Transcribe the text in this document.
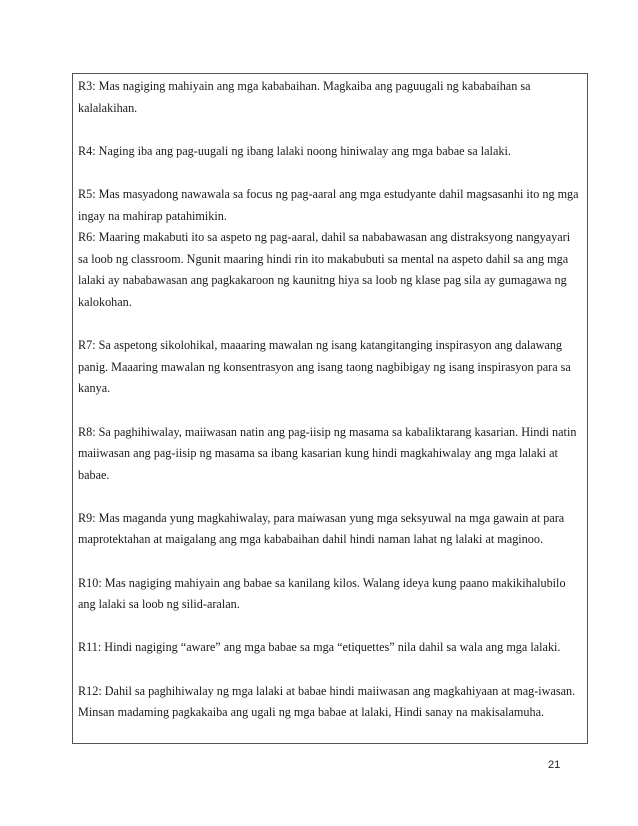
R3: Mas nagiging mahiyain ang mga kababaihan. Magkaiba ang paguugali ng kababaihan sa kalalakihan.

R4: Naging iba ang pag-uugali ng ibang lalaki noong hiniwalay ang mga babae sa lalaki.

R5: Mas masyadong nawawala sa focus ng pag-aaral ang mga estudyante dahil magsasanhi ito ng mga ingay na mahirap patahimikin.

R6: Maaring makabuti ito sa aspeto ng pag-aaral, dahil sa nababawasan ang distraksyong nangyayari sa loob ng classroom. Ngunit maaring hindi rin ito makabubuti sa mental na aspeto dahil sa ang mga lalaki ay nababawasan ang pagkakaroon ng kaunitng hiya sa loob ng klase pag sila ay gumagawa ng kalokohan.

R7: Sa aspetong sikolohikal, maaaring mawalan ng isang katangitanging inspirasyon ang dalawang panig. Maaaring mawalan ng konsentrasyon ang isang taong nagbibigay ng isang inspirasyon para sa kanya.

R8: Sa paghihiwalay, maiiwasan natin ang pag-iisip ng masama sa kabaliktarang kasarian. Hindi natin maiiwasan ang pag-iisip ng masama sa ibang kasarian kung hindi magkahiwalay ang mga lalaki at babae.

R9: Mas maganda yung magkahiwalay, para maiwasan yung mga seksyuwal na mga gawain at para maprotektahan at maigalang ang mga kababaihan dahil hindi naman lahat ng lalaki at maginoo.

R10: Mas nagiging mahiyain ang babae sa kanilang kilos. Walang ideya kung paano makikihalubilo ang lalaki sa loob ng silid-aralan.

R11: Hindi nagiging “aware” ang mga babae sa mga “etiquettes” nila dahil sa wala ang mga lalaki.

R12: Dahil sa paghihiwalay ng mga lalaki at babae hindi maiiwasan ang magkahiyaan at mag-iwasan. Minsan madaming pagkakaiba ang ugali ng mga babae at lalaki, Hindi sanay na makisalamuha.

21
